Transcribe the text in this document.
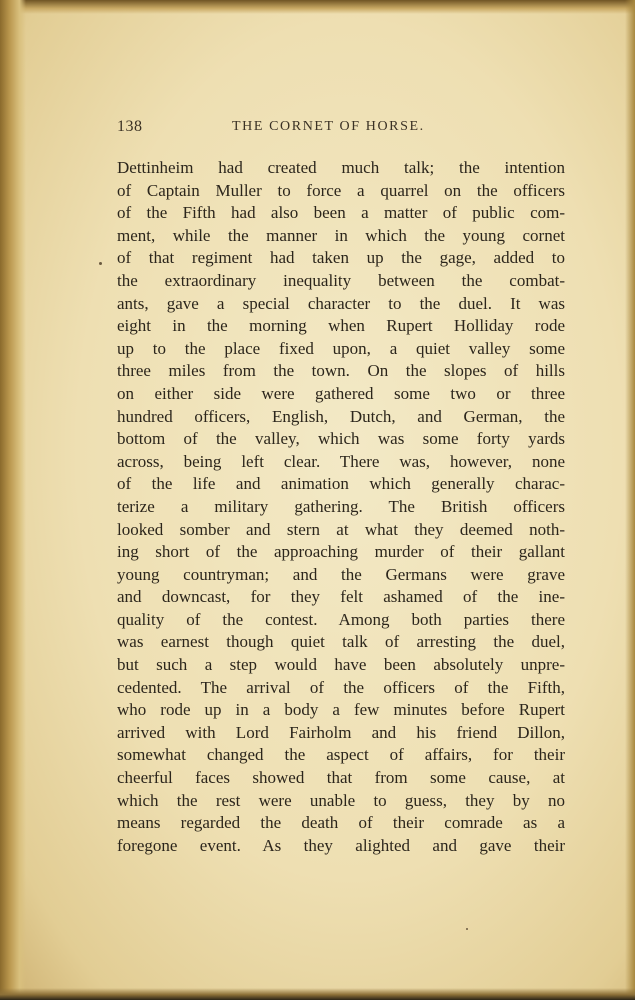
138	THE CORNET OF HORSE.
Dettinheim had created much talk; the intention
of Captain Muller to force a quarrel on the officers
of the Fifth had also been a matter of public com-
ment, while the manner in which the young cornet
of that regiment had taken up the gage, added to
the extraordinary inequality between the combat-
ants, gave a special character to the duel. It was
eight in the morning when Rupert Holliday rode
up to the place fixed upon, a quiet valley some
three miles from the town. On the slopes of hills
on either side were gathered some two or three
hundred officers, English, Dutch, and German, the
bottom of the valley, which was some forty yards
across, being left clear. There was, however, none
of the life and animation which generally charac-
terize a military gathering. The British officers
looked somber and stern at what they deemed noth-
ing short of the approaching murder of their gallant
young countryman; and the Germans were grave
and downcast, for they felt ashamed of the ine-
quality of the contest. Among both parties there
was earnest though quiet talk of arresting the duel,
but such a step would have been absolutely unpre-
cedented. The arrival of the officers of the Fifth,
who rode up in a body a few minutes before Rupert
arrived with Lord Fairholm and his friend Dillon,
somewhat changed the aspect of affairs, for their
cheerful faces showed that from some cause, at
which the rest were unable to guess, they by no
means regarded the death of their comrade as a
foregone event. As they alighted and gave their
